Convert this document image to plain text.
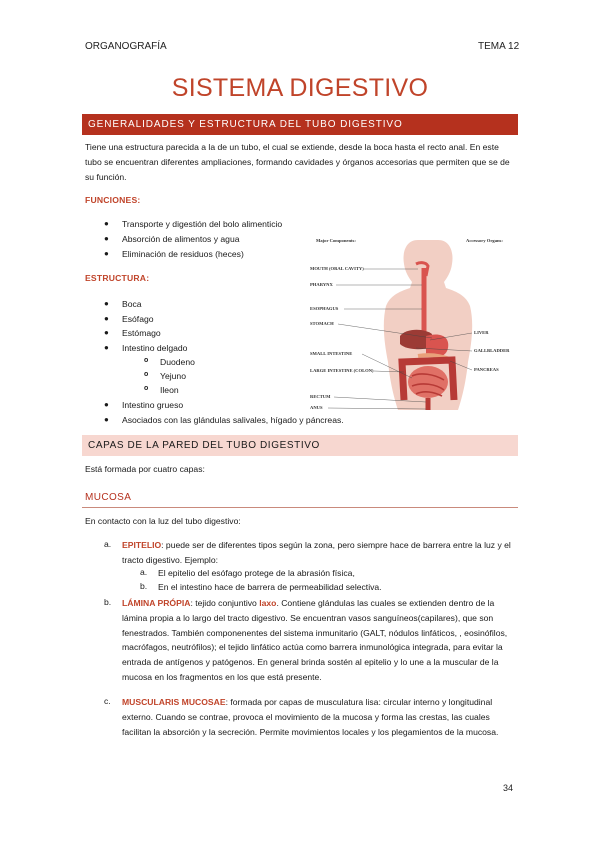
ORGANOGRAFÍA	TEMA 12
SISTEMA DIGESTIVO
GENERALIDADES Y ESTRUCTURA DEL TUBO DIGESTIVO
Tiene una estructura parecida a la de un tubo, el cual se extiende, desde la boca hasta el recto anal. En este tubo se encuentran diferentes ampliaciones, formando cavidades y órganos accesorias que permiten que se de su función.
FUNCIONES:
● Transporte y digestión del bolo alimenticio
● Absorción de alimentos y agua
● Eliminación de residuos (heces)
ESTRUCTURA:
● Boca
● Esófago
● Estómago
● Intestino delgado
o Duodeno
o Yejuno
o Ileon
● Intestino grueso
● Asociados con las glándulas salivales, hígado y páncreas.
Major Components:	Accessory Organs:
MOUTH (ORAL CAVITY)
PHARYNX
ESOPHAGUS
STOMACH
SMALL INTESTINE
LARGE INTESTINE (COLON)
RECTUM
ANUS
LIVER
GALLBLADDER
PANCREAS
CAPAS DE LA PARED DEL TUBO DIGESTIVO
Está formada por cuatro capas:
MUCOSA
En contacto con la luz del tubo digestivo:
a. EPITELIO: puede ser de diferentes tipos según la zona, pero siempre hace de barrera entre la luz y el tracto digestivo. Ejemplo:
a. El epitelio del esófago protege de la abrasión física,
b. En el intestino hace de barrera de permeabilidad selectiva.
b. LÁMINA PRÓPIA: tejido conjuntivo laxo. Contiene glándulas las cuales se extienden dentro de la lámina propia a lo largo del tracto digestivo. Se encuentran vasos sanguíneos(capilares), que son fenestrados. También componenentes del sistema inmunitario (GALT, nódulos linfáticos, , eosinófilos, macrófagos, neutrófilos); el tejido linfático actúa como barrera inmunológica integrada, para evitar la entrada de antígenos y patógenos. En general brinda sostén al epitelio y lo une a la muscular de la mucosa en los fragmentos en los que está presente.
c. MUSCULARIS MUCOSAE: formada por capas de musculatura lisa: circular interno y longitudinal externo. Cuando se contrae, provoca el movimiento de la mucosa y forma las crestas, las cuales facilitan la absorción y la secreción. Permite movimientos locales y los plegamientos de la mucosa.
34
